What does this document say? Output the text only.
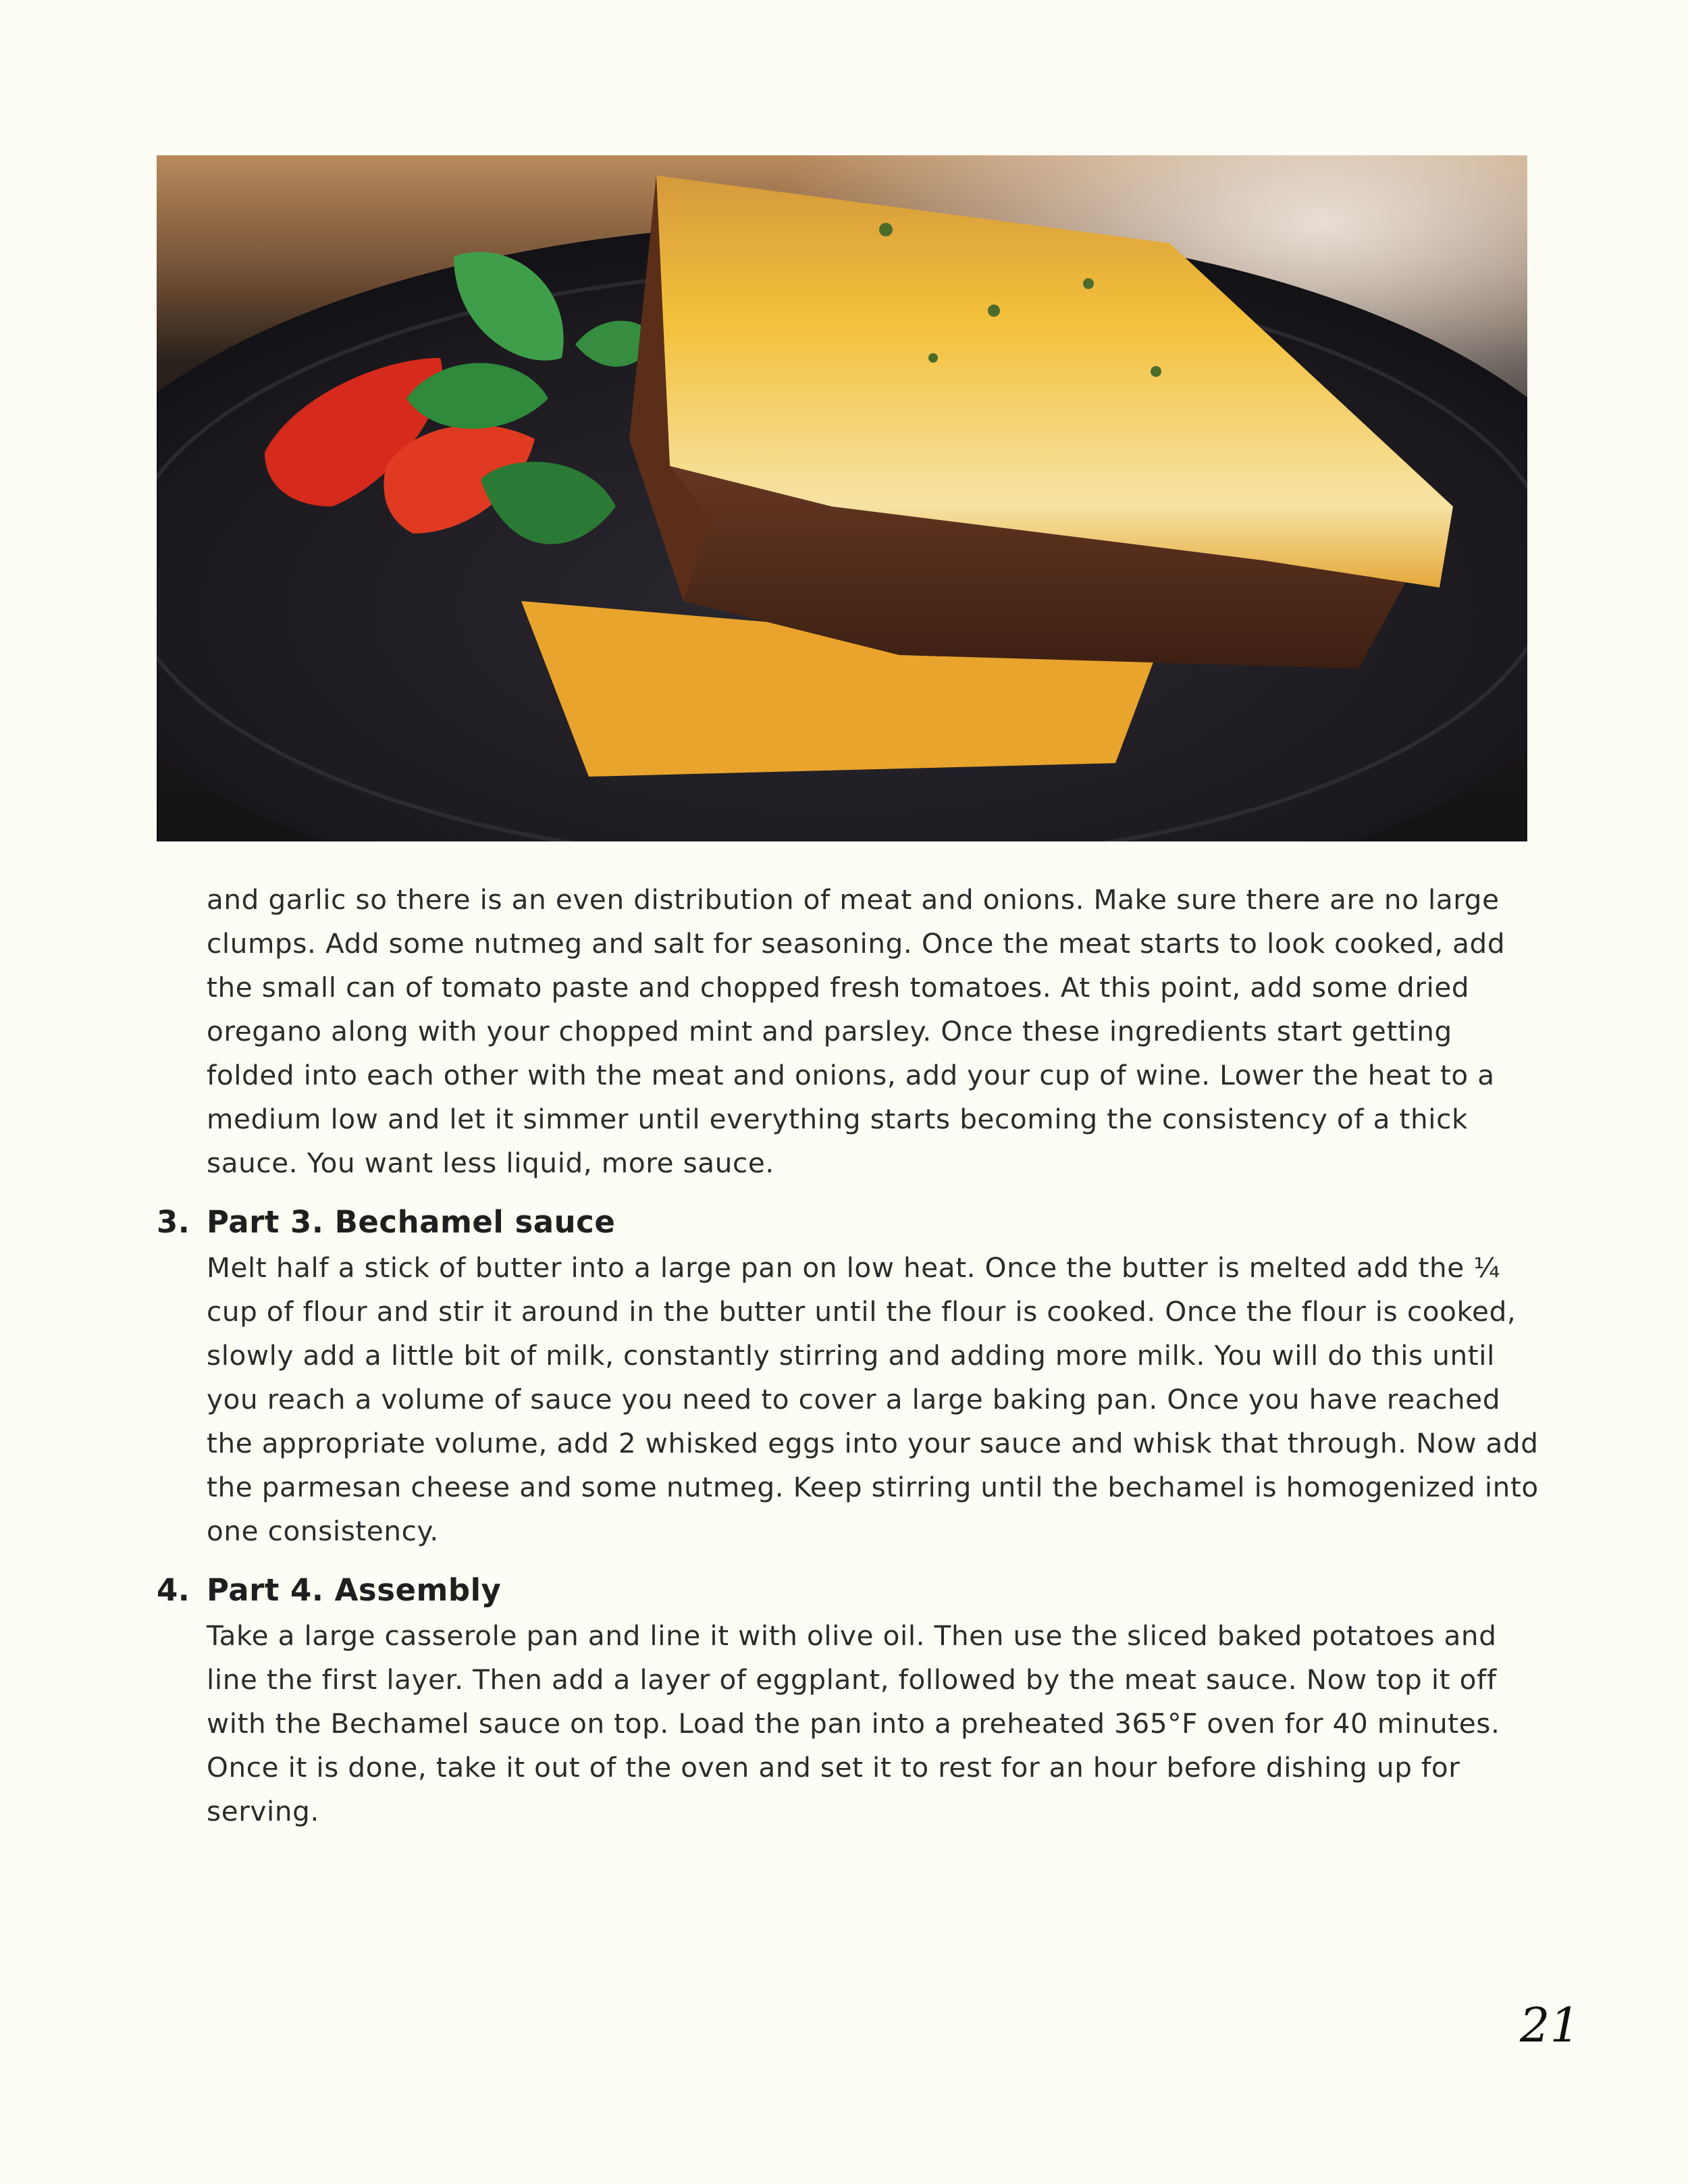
and garlic so there is an even distribution of meat and onions. Make sure there are no large clumps. Add some nutmeg and salt for seasoning. Once the meat starts to look cooked, add the small can of tomato paste and chopped fresh tomatoes. At this point, add some dried oregano along with your chopped mint and parsley. Once these ingredients start getting folded into each other with the meat and onions, add your cup of wine. Lower the heat to a medium low and let it simmer until everything starts becoming the consistency of a thick sauce. You want less liquid, more sauce.

3. Part 3. Bechamel sauce

Melt half a stick of butter into a large pan on low heat. Once the butter is melted add the ¼ cup of flour and stir it around in the butter until the flour is cooked. Once the flour is cooked, slowly add a little bit of milk, constantly stirring and adding more milk. You will do this until you reach a volume of sauce you need to cover a large baking pan. Once you have reached the appropriate volume, add 2 whisked eggs into your sauce and whisk that through. Now add the parmesan cheese and some nutmeg. Keep stirring until the bechamel is homogenized into one consistency.

4. Part 4. Assembly

Take a large casserole pan and line it with olive oil. Then use the sliced baked potatoes and line the first layer. Then add a layer of eggplant, followed by the meat sauce. Now top it off with the Bechamel sauce on top. Load the pan into a preheated 365°F oven for 40 minutes. Once it is done, take it out of the oven and set it to rest for an hour before dishing up for serving.

21
